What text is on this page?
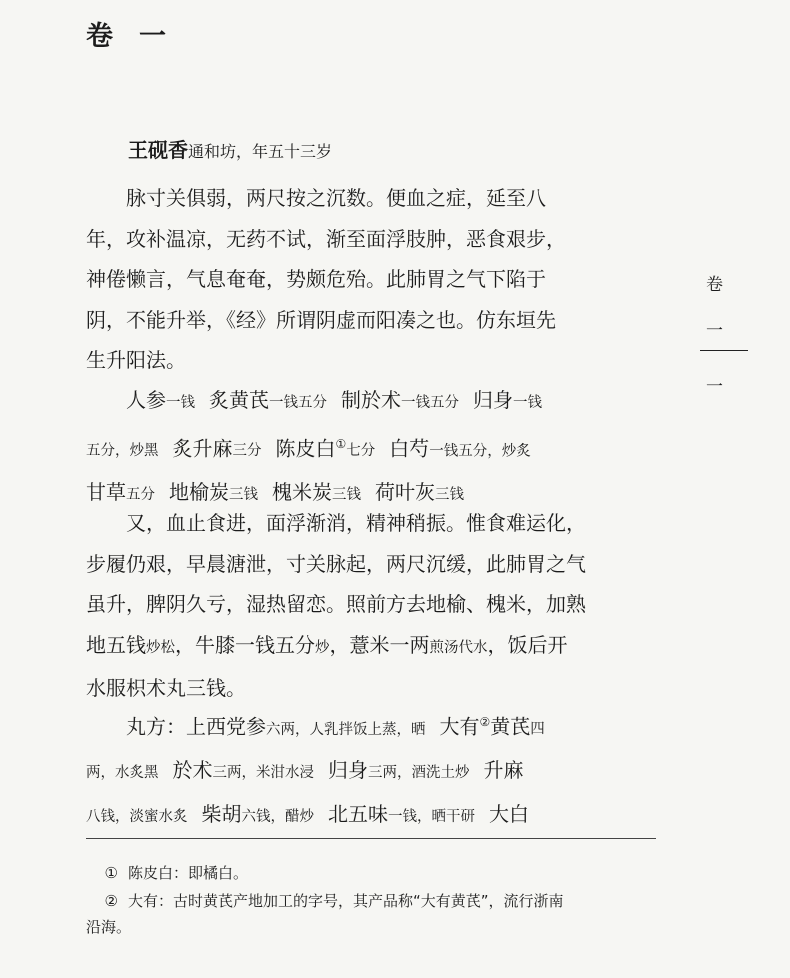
卷 一
卷
一
一
王砚香通和坊，年五十三岁
脉寸关俱弱，两尺按之沉数。便血之症，延至八
年，攻补温凉，无药不试，渐至面浮肢肿，恶食艰步，
神倦懒言，气息奄奄，势颇危殆。此肺胃之气下陷于
阴，不能升举，《经》所谓阴虚而阳凑之也。仿东垣先
生升阳法。
人参一钱 炙黄芪一钱五分 制於术一钱五分 归身一钱
五分，炒黑 炙升麻三分 陈皮白①七分 白芍一钱五分，炒炙
甘草五分 地榆炭三钱 槐米炭三钱 荷叶灰三钱
又，血止食进，面浮渐消，精神稍振。惟食难运化，
步履仍艰，早晨溏泄，寸关脉起，两尺沉缓，此肺胃之气
虽升，脾阴久亏，湿热留恋。照前方去地榆、槐米，加熟
地五钱炒松，牛膝一钱五分炒，薏米一两煎汤代水，饭后开
水服枳术丸三钱。
丸方：上西党参六两，人乳拌饭上蒸，晒 大有②黄芪四
两，水炙黑 於术三两，米泔水浸 归身三两，酒洗土炒 升麻
八钱，淡蜜水炙 柴胡六钱，醋炒 北五味一钱，晒干研 大白
① 陈皮白：即橘白。
② 大有：古时黄芪产地加工的字号，其产品称“大有黄芪”，流行浙南
沿海。
